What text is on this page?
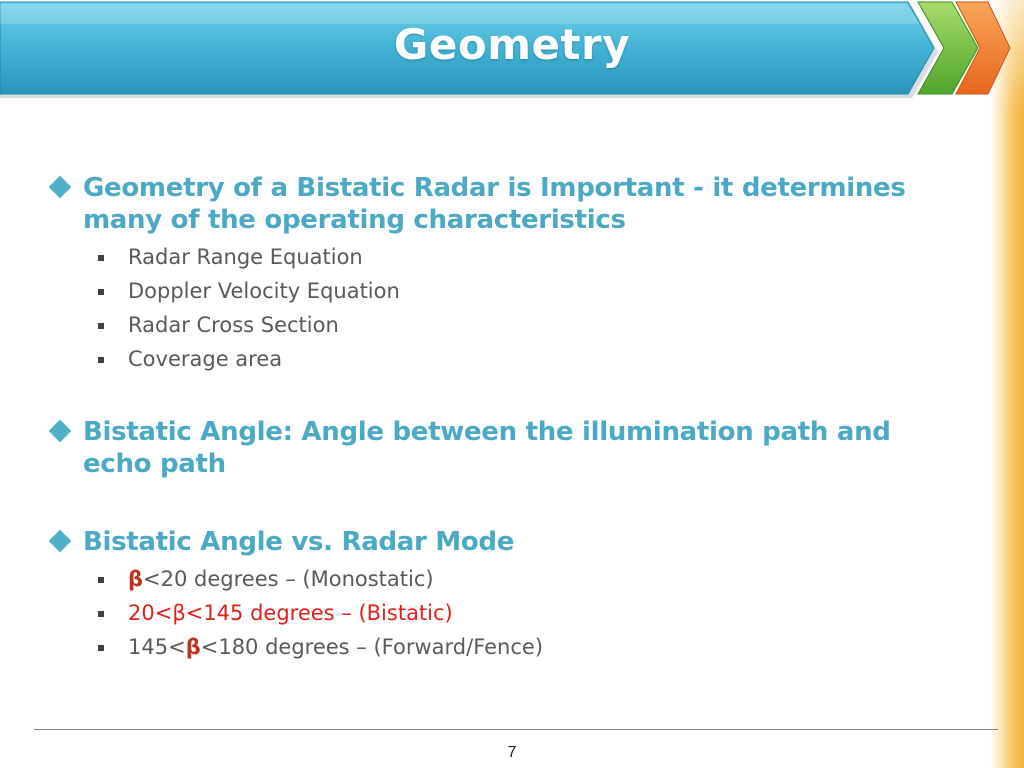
Geometry
Geometry of a Bistatic Radar is Important - it determines many of the operating characteristics
Radar Range Equation
Doppler Velocity Equation
Radar Cross Section
Coverage area
Bistatic Angle: Angle between the illumination path and echo path
Bistatic Angle vs. Radar Mode
β<20 degrees – (Monostatic)
20<β<145 degrees – (Bistatic)
145<β<180 degrees – (Forward/Fence)
7
